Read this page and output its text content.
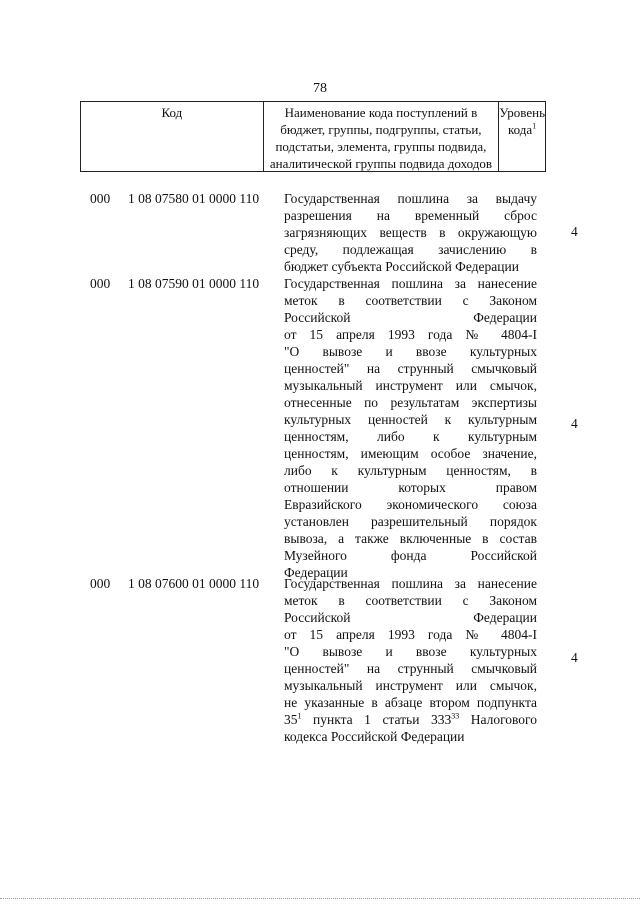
78
Код	Наименование кода поступлений в
бюджет, группы, подгруппы, статьи,
подстатьи, элемента, группы подвида,
аналитической группы подвида доходов
Уровень
кода$^1$
000 1 08 07580 01 0000 110 Государственная пошлина за выдачу
разрешения на временный сброс
загрязняющих веществ в окружающую
среду, подлежащая зачислению в
бюджет субъекта Российской Федерации
4
000 1 08 07590 01 0000 110 Государственная пошлина за нанесение
меток в соответствии с Законом
Российской Федерации
от 15 апреля 1993 года № 4804-I
"О вывозе и ввозе культурных
ценностей" на струнный смычковый
музыкальный инструмент или смычок,
отнесенные по результатам экспертизы
культурных ценностей к культурным
ценностям, либо к культурным
ценностям, имеющим особое значение,
либо к культурным ценностям, в
отношении которых правом
Евразийского экономического союза
установлен разрешительный порядок
вывоза, а также включенные в состав
Музейного фонда Российской
Федерации
4
000 1 08 07600 01 0000 110 Государственная пошлина за нанесение
меток в соответствии с Законом
Российской Федерации
от 15 апреля 1993 года № 4804-I
"О вывозе и ввозе культурных
ценностей" на струнный смычковый
музыкальный инструмент или смычок,
не указанные в абзаце втором подпункта
$35^1$ пункта 1 статьи $333^{33}$ Налогового
кодекса Российской Федерации
4
